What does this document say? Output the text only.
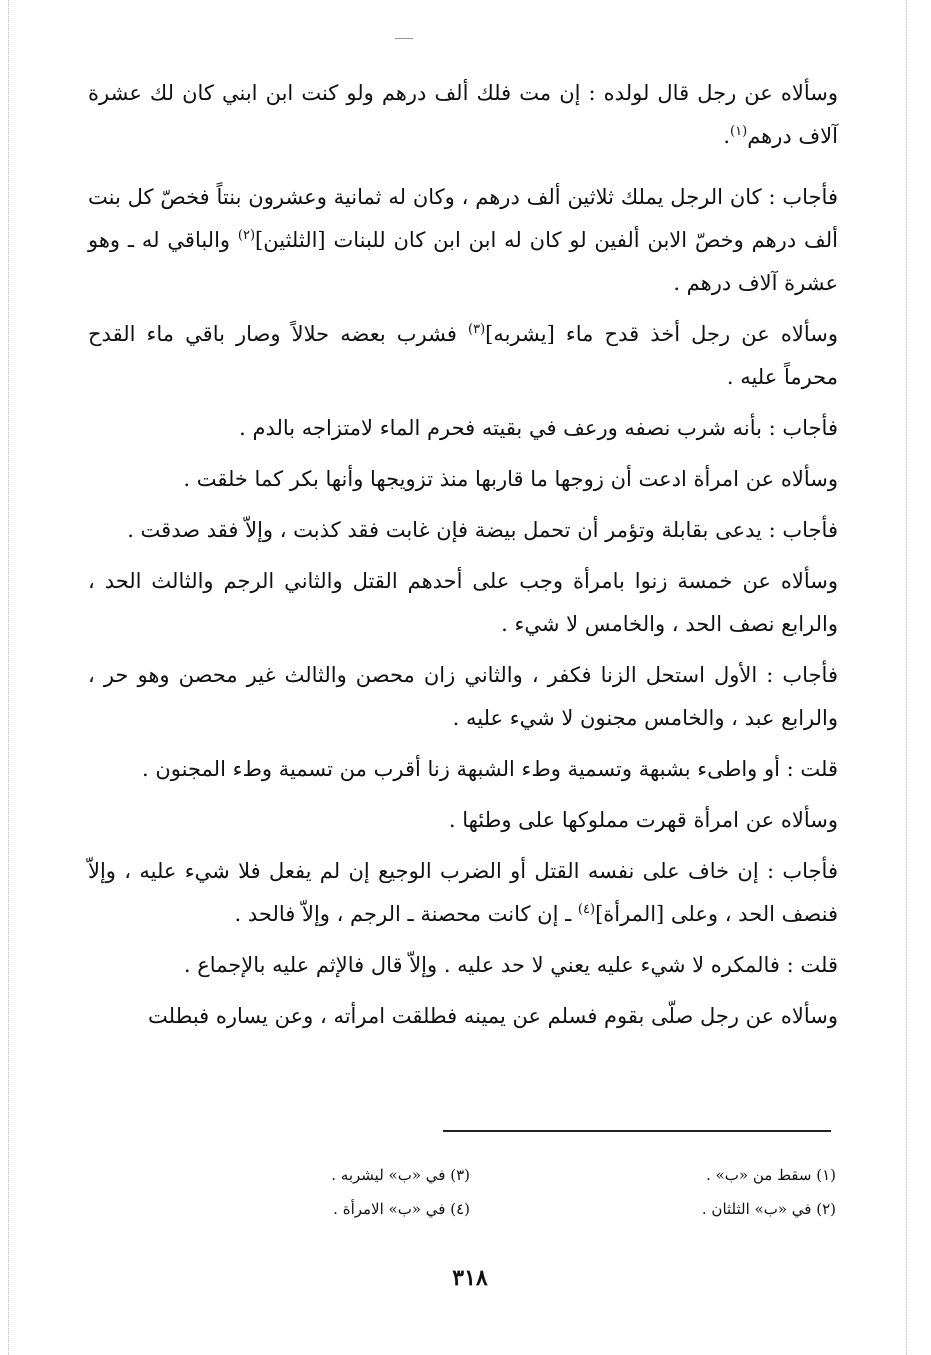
وسألاه عن رجل قال لولده : إن مت فلك ألف درهم ولو كنت ابن ابني كان لك عشرة آلاف درهم$^{(١)}$.

فأجاب : كان الرجل يملك ثلاثين ألف درهم ، وكان له ثمانية وعشرون بنتاً فخصّ كل بنت ألف درهم وخصّ الابن ألفين لو كان له ابن ابن كان للبنات [الثلثين]$^{(٢)}$ والباقي له ـ وهو عشرة آلاف درهم .

وسألاه عن رجل أخذ قدح ماء [يشربه]$^{(٣)}$ فشرب بعضه حلالاً وصار باقي ماء القدح محرماً عليه .

فأجاب : بأنه شرب نصفه ورعف في بقيته فحرم الماء لامتزاجه بالدم .

وسألاه عن امرأة ادعت أن زوجها ما قاربها منذ تزويجها وأنها بكر كما خلقت .

فأجاب : يدعى بقابلة وتؤمر أن تحمل بيضة فإن غابت فقد كذبت ، وإلاّ فقد صدقت .

وسألاه عن خمسة زنوا بامرأة وجب على أحدهم القتل والثاني الرجم والثالث الحد ، والرابع نصف الحد ، والخامس لا شيء .

فأجاب : الأول استحل الزنا فكفر ، والثاني زان محصن والثالث غير محصن وهو حر ، والرابع عبد ، والخامس مجنون لا شيء عليه .

قلت : أو واطىء بشبهة وتسمية وطء الشبهة زنا أقرب من تسمية وطء المجنون .

وسألاه عن امرأة قهرت مملوكها على وطئها .

فأجاب : إن خاف على نفسه القتل أو الضرب الوجيع إن لم يفعل فلا شيء عليه ، وإلاّ فنصف الحد ، وعلى [المرأة]$^{(٤)}$ ـ إن كانت محصنة ـ الرجم ، وإلاّ فالحد .

قلت : فالمكره لا شيء عليه يعني لا حد عليه . وإلاّ قال فالإثم عليه بالإجماع .

وسألاه عن رجل صلّى بقوم فسلم عن يمينه فطلقت امرأته ، وعن يساره فبطلت

(١) سقط من «ب» .
(٢) في «ب» الثلثان .
(٣) في «ب» ليشربه .
(٤) في «ب» الامرأة .
٣١٨
